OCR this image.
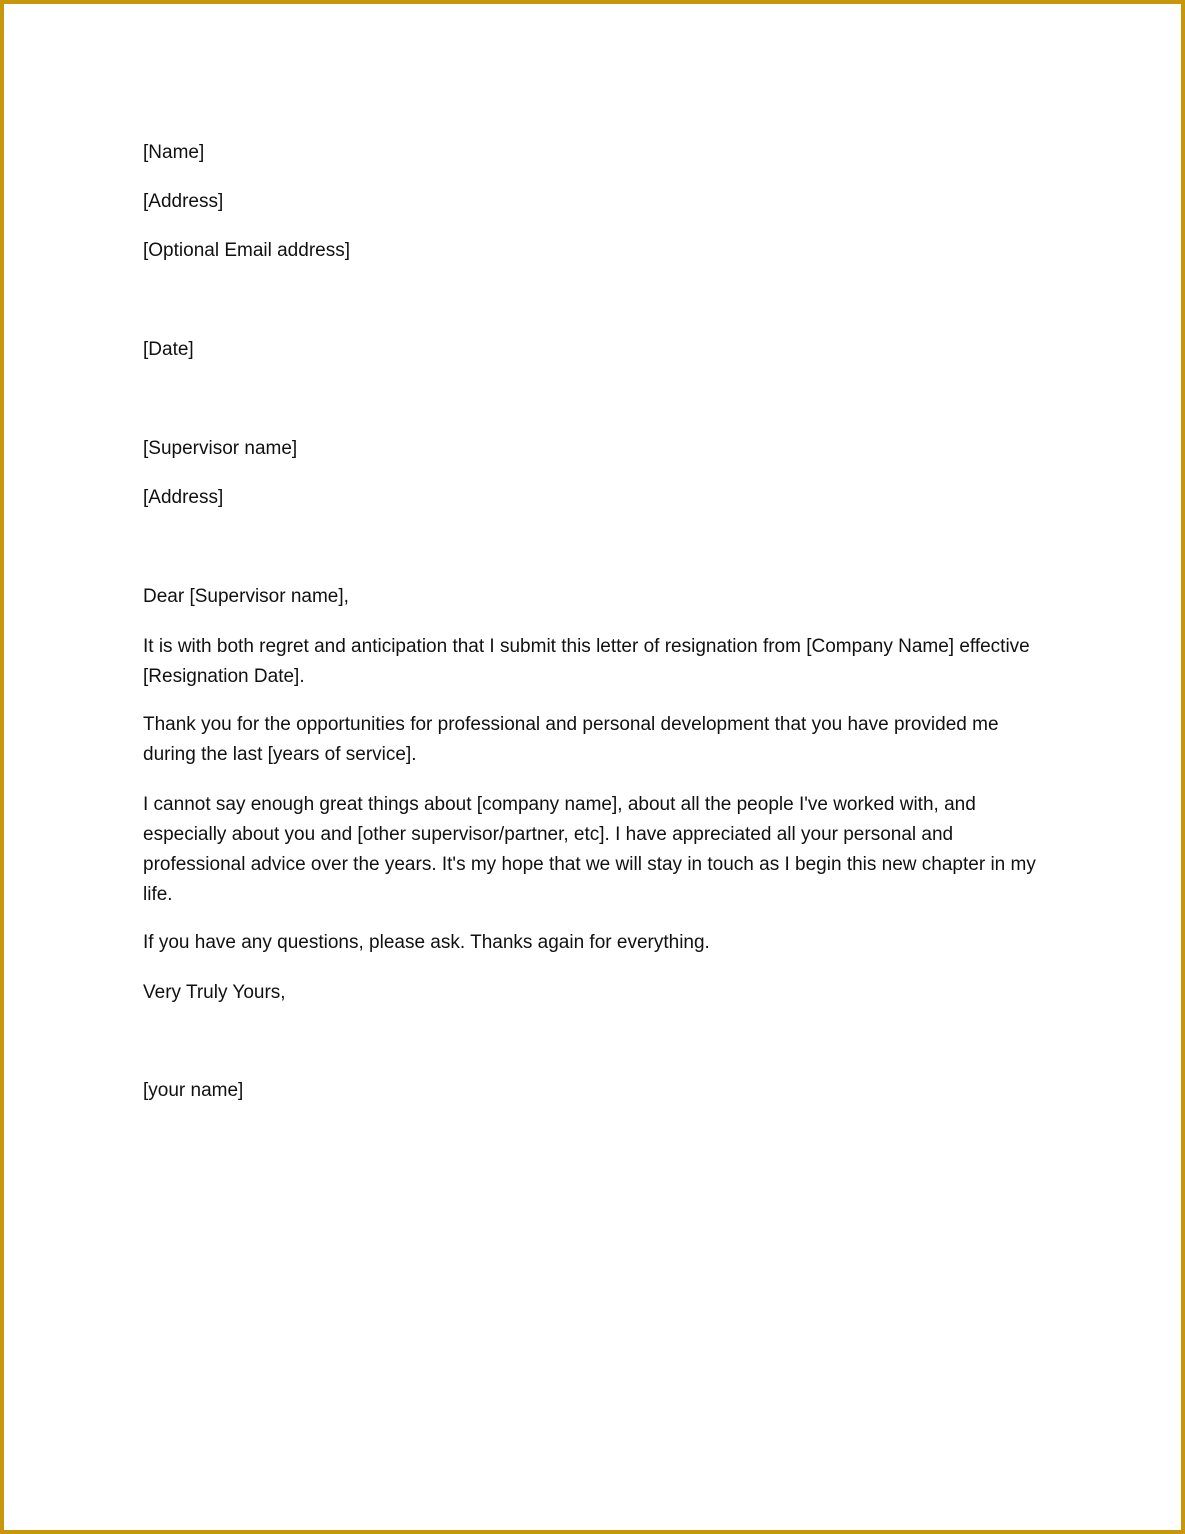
[Name]

[Address]

[Optional Email address]

[Date]

[Supervisor name]

[Address]

Dear [Supervisor name],

It is with both regret and anticipation that I submit this letter of resignation from [Company Name] effective [Resignation Date].

Thank you for the opportunities for professional and personal development that you have provided me during the last [years of service].

I cannot say enough great things about [company name], about all the people I've worked with, and especially about you and [other supervisor/partner, etc]. I have appreciated all your personal and professional advice over the years. It's my hope that we will stay in touch as I begin this new chapter in my life.

If you have any questions, please ask. Thanks again for everything.

Very Truly Yours,

[your name]
